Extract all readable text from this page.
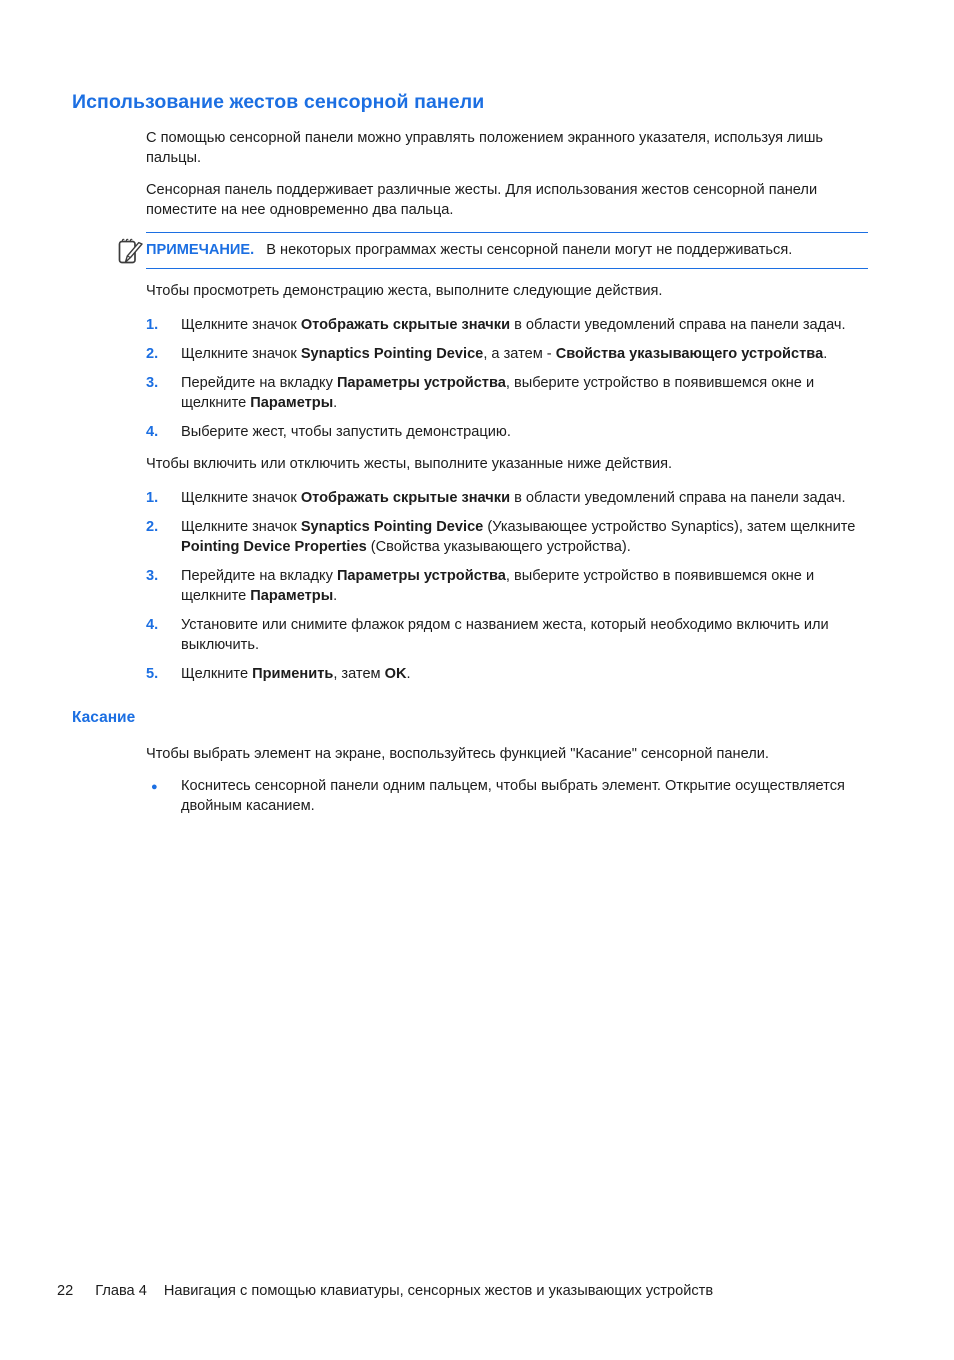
Использование жестов сенсорной панели

С помощью сенсорной панели можно управлять положением экранного указателя, используя лишь пальцы.

Сенсорная панель поддерживает различные жесты. Для использования жестов сенсорной панели поместите на нее одновременно два пальца.

ПРИМЕЧАНИЕ. В некоторых программах жесты сенсорной панели могут не поддерживаться.

Чтобы просмотреть демонстрацию жеста, выполните следующие действия.

1. Щелкните значок Отображать скрытые значки в области уведомлений справа на панели задач.
2. Щелкните значок Synaptics Pointing Device, а затем - Свойства указывающего устройства.
3. Перейдите на вкладку Параметры устройства, выберите устройство в появившемся окне и щелкните Параметры.
4. Выберите жест, чтобы запустить демонстрацию.

Чтобы включить или отключить жесты, выполните указанные ниже действия.

1. Щелкните значок Отображать скрытые значки в области уведомлений справа на панели задач.
2. Щелкните значок Synaptics Pointing Device (Указывающее устройство Synaptics), затем щелкните Pointing Device Properties (Свойства указывающего устройства).
3. Перейдите на вкладку Параметры устройства, выберите устройство в появившемся окне и щелкните Параметры.
4. Установите или снимите флажок рядом с названием жеста, который необходимо включить или выключить.
5. Щелкните Применить, затем OK.
Касание

Чтобы выбрать элемент на экране, воспользуйтесь функцией "Касание" сенсорной панели.

● Коснитесь сенсорной панели одним пальцем, чтобы выбрать элемент. Открытие осуществляется двойным касанием.
22 Глава 4 Навигация с помощью клавиатуры, сенсорных жестов и указывающих устройств
